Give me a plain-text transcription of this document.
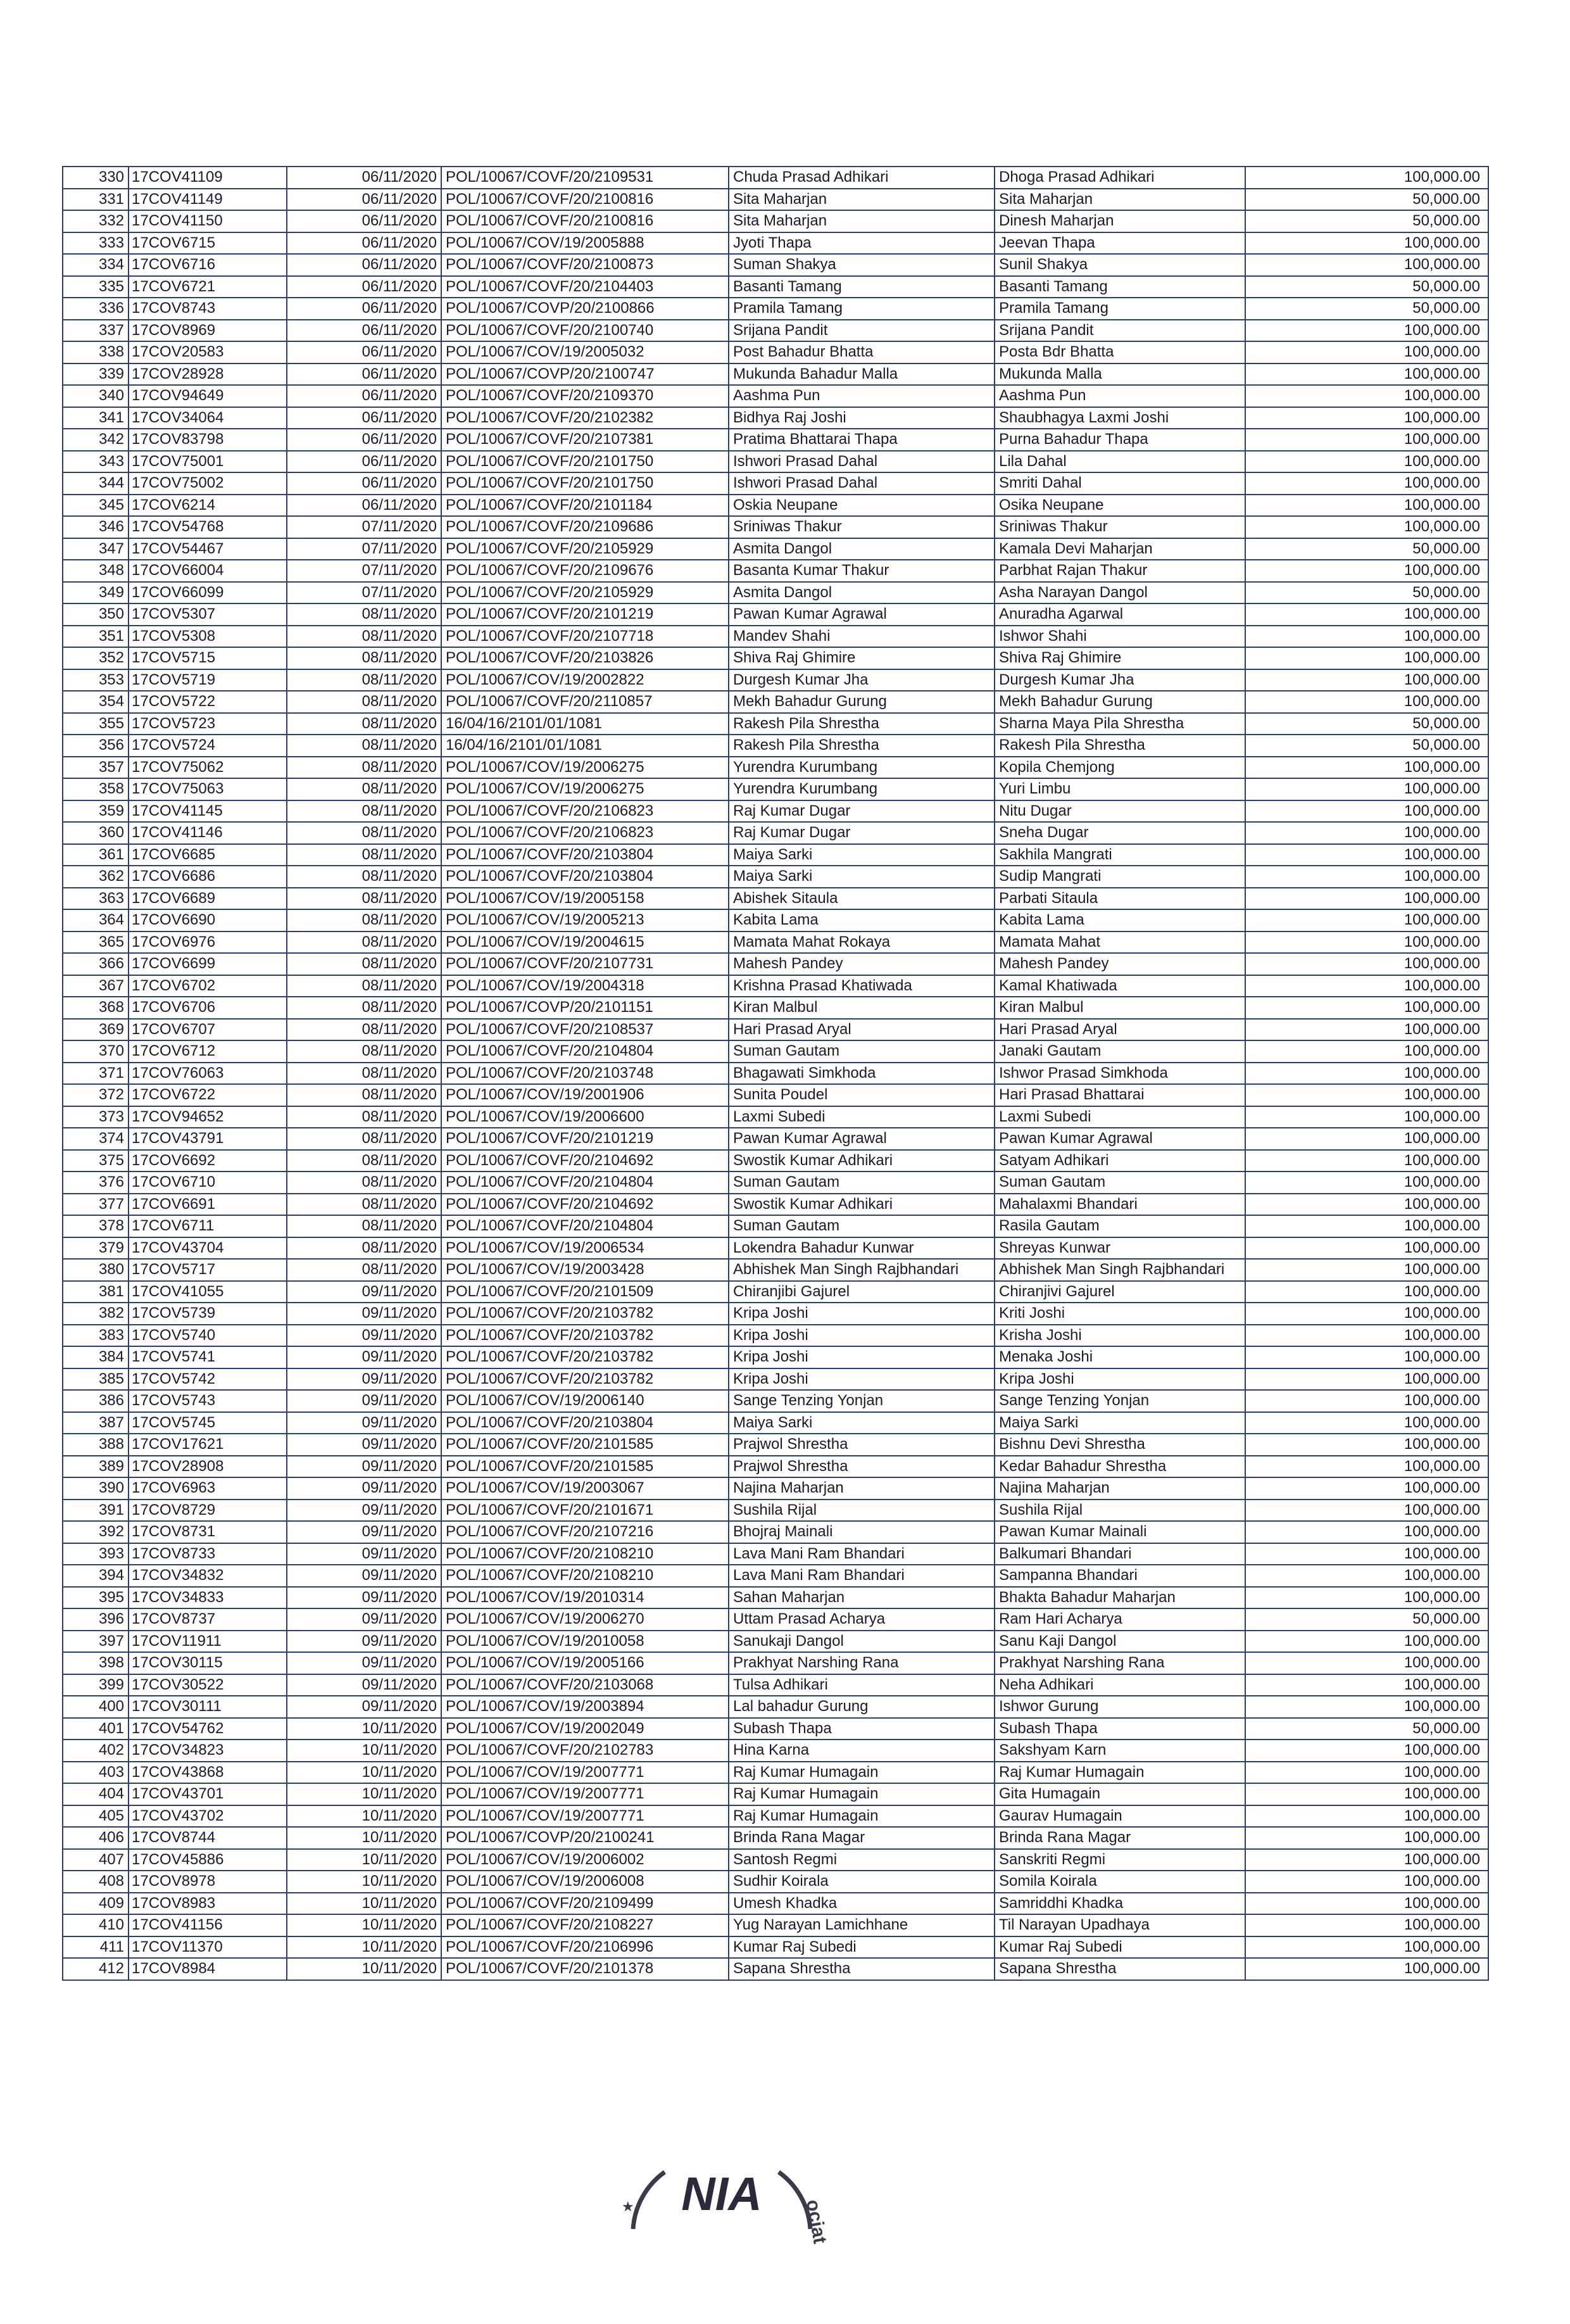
330	17COV41109	06/11/2020	POL/10067/COVF/20/2109531	Chuda Prasad Adhikari	Dhoga Prasad Adhikari	100,000.00
331	17COV41149	06/11/2020	POL/10067/COVF/20/2100816	Sita Maharjan	Sita Maharjan	50,000.00
332	17COV41150	06/11/2020	POL/10067/COVF/20/2100816	Sita Maharjan	Dinesh Maharjan	50,000.00
333	17COV6715	06/11/2020	POL/10067/COV/19/2005888	Jyoti Thapa	Jeevan Thapa	100,000.00
334	17COV6716	06/11/2020	POL/10067/COVF/20/2100873	Suman Shakya	Sunil Shakya	100,000.00
335	17COV6721	06/11/2020	POL/10067/COVF/20/2104403	Basanti Tamang	Basanti Tamang	50,000.00
336	17COV8743	06/11/2020	POL/10067/COVP/20/2100866	Pramila Tamang	Pramila Tamang	50,000.00
337	17COV8969	06/11/2020	POL/10067/COVF/20/2100740	Srijana Pandit	Srijana Pandit	100,000.00
338	17COV20583	06/11/2020	POL/10067/COV/19/2005032	Post Bahadur Bhatta	Posta Bdr Bhatta	100,000.00
339	17COV28928	06/11/2020	POL/10067/COVP/20/2100747	Mukunda Bahadur Malla	Mukunda Malla	100,000.00
340	17COV94649	06/11/2020	POL/10067/COVF/20/2109370	Aashma Pun	Aashma Pun	100,000.00
341	17COV34064	06/11/2020	POL/10067/COVF/20/2102382	Bidhya Raj Joshi	Shaubhagya Laxmi Joshi	100,000.00
342	17COV83798	06/11/2020	POL/10067/COVF/20/2107381	Pratima Bhattarai Thapa	Purna Bahadur Thapa	100,000.00
343	17COV75001	06/11/2020	POL/10067/COVF/20/2101750	Ishwori Prasad Dahal	Lila Dahal	100,000.00
344	17COV75002	06/11/2020	POL/10067/COVF/20/2101750	Ishwori Prasad Dahal	Smriti Dahal	100,000.00
345	17COV6214	06/11/2020	POL/10067/COVF/20/2101184	Oskia Neupane	Osika Neupane	100,000.00
346	17COV54768	07/11/2020	POL/10067/COVF/20/2109686	Sriniwas Thakur	Sriniwas Thakur	100,000.00
347	17COV54467	07/11/2020	POL/10067/COVF/20/2105929	Asmita Dangol	Kamala Devi Maharjan	50,000.00
348	17COV66004	07/11/2020	POL/10067/COVF/20/2109676	Basanta Kumar Thakur	Parbhat Rajan Thakur	100,000.00
349	17COV66099	07/11/2020	POL/10067/COVF/20/2105929	Asmita Dangol	Asha Narayan Dangol	50,000.00
350	17COV5307	08/11/2020	POL/10067/COVF/20/2101219	Pawan Kumar Agrawal	Anuradha Agarwal	100,000.00
351	17COV5308	08/11/2020	POL/10067/COVF/20/2107718	Mandev Shahi	Ishwor Shahi	100,000.00
352	17COV5715	08/11/2020	POL/10067/COVF/20/2103826	Shiva Raj Ghimire	Shiva Raj Ghimire	100,000.00
353	17COV5719	08/11/2020	POL/10067/COV/19/2002822	Durgesh Kumar Jha	Durgesh Kumar Jha	100,000.00
354	17COV5722	08/11/2020	POL/10067/COVF/20/2110857	Mekh Bahadur Gurung	Mekh Bahadur Gurung	100,000.00
355	17COV5723	08/11/2020	16/04/16/2101/01/1081	Rakesh Pila Shrestha	Sharna Maya Pila Shrestha	50,000.00
356	17COV5724	08/11/2020	16/04/16/2101/01/1081	Rakesh Pila Shrestha	Rakesh Pila Shrestha	50,000.00
357	17COV75062	08/11/2020	POL/10067/COV/19/2006275	Yurendra Kurumbang	Kopila Chemjong	100,000.00
358	17COV75063	08/11/2020	POL/10067/COV/19/2006275	Yurendra Kurumbang	Yuri Limbu	100,000.00
359	17COV41145	08/11/2020	POL/10067/COVF/20/2106823	Raj Kumar Dugar	Nitu Dugar	100,000.00
360	17COV41146	08/11/2020	POL/10067/COVF/20/2106823	Raj Kumar Dugar	Sneha Dugar	100,000.00
361	17COV6685	08/11/2020	POL/10067/COVF/20/2103804	Maiya Sarki	Sakhila Mangrati	100,000.00
362	17COV6686	08/11/2020	POL/10067/COVF/20/2103804	Maiya Sarki	Sudip Mangrati	100,000.00
363	17COV6689	08/11/2020	POL/10067/COV/19/2005158	Abishek Sitaula	Parbati Sitaula	100,000.00
364	17COV6690	08/11/2020	POL/10067/COV/19/2005213	Kabita Lama	Kabita Lama	100,000.00
365	17COV6976	08/11/2020	POL/10067/COV/19/2004615	Mamata Mahat Rokaya	Mamata Mahat	100,000.00
366	17COV6699	08/11/2020	POL/10067/COVF/20/2107731	Mahesh Pandey	Mahesh Pandey	100,000.00
367	17COV6702	08/11/2020	POL/10067/COV/19/2004318	Krishna Prasad Khatiwada	Kamal Khatiwada	100,000.00
368	17COV6706	08/11/2020	POL/10067/COVP/20/2101151	Kiran Malbul	Kiran Malbul	100,000.00
369	17COV6707	08/11/2020	POL/10067/COVF/20/2108537	Hari Prasad Aryal	Hari Prasad Aryal	100,000.00
370	17COV6712	08/11/2020	POL/10067/COVF/20/2104804	Suman Gautam	Janaki Gautam	100,000.00
371	17COV76063	08/11/2020	POL/10067/COVF/20/2103748	Bhagawati Simkhoda	Ishwor Prasad Simkhoda	100,000.00
372	17COV6722	08/11/2020	POL/10067/COV/19/2001906	Sunita Poudel	Hari Prasad Bhattarai	100,000.00
373	17COV94652	08/11/2020	POL/10067/COV/19/2006600	Laxmi Subedi	Laxmi Subedi	100,000.00
374	17COV43791	08/11/2020	POL/10067/COVF/20/2101219	Pawan Kumar Agrawal	Pawan Kumar Agrawal	100,000.00
375	17COV6692	08/11/2020	POL/10067/COVF/20/2104692	Swostik Kumar Adhikari	Satyam Adhikari	100,000.00
376	17COV6710	08/11/2020	POL/10067/COVF/20/2104804	Suman Gautam	Suman Gautam	100,000.00
377	17COV6691	08/11/2020	POL/10067/COVF/20/2104692	Swostik Kumar Adhikari	Mahalaxmi Bhandari	100,000.00
378	17COV6711	08/11/2020	POL/10067/COVF/20/2104804	Suman Gautam	Rasila Gautam	100,000.00
379	17COV43704	08/11/2020	POL/10067/COV/19/2006534	Lokendra Bahadur Kunwar	Shreyas Kunwar	100,000.00
380	17COV5717	08/11/2020	POL/10067/COV/19/2003428	Abhishek Man Singh Rajbhandari	Abhishek Man Singh Rajbhandari	100,000.00
381	17COV41055	09/11/2020	POL/10067/COVF/20/2101509	Chiranjibi Gajurel	Chiranjivi Gajurel	100,000.00
382	17COV5739	09/11/2020	POL/10067/COVF/20/2103782	Kripa Joshi	Kriti Joshi	100,000.00
383	17COV5740	09/11/2020	POL/10067/COVF/20/2103782	Kripa Joshi	Krisha Joshi	100,000.00
384	17COV5741	09/11/2020	POL/10067/COVF/20/2103782	Kripa Joshi	Menaka Joshi	100,000.00
385	17COV5742	09/11/2020	POL/10067/COVF/20/2103782	Kripa Joshi	Kripa Joshi	100,000.00
386	17COV5743	09/11/2020	POL/10067/COV/19/2006140	Sange Tenzing Yonjan	Sange Tenzing Yonjan	100,000.00
387	17COV5745	09/11/2020	POL/10067/COVF/20/2103804	Maiya Sarki	Maiya Sarki	100,000.00
388	17COV17621	09/11/2020	POL/10067/COVF/20/2101585	Prajwol Shrestha	Bishnu Devi Shrestha	100,000.00
389	17COV28908	09/11/2020	POL/10067/COVF/20/2101585	Prajwol Shrestha	Kedar Bahadur Shrestha	100,000.00
390	17COV6963	09/11/2020	POL/10067/COV/19/2003067	Najina Maharjan	Najina Maharjan	100,000.00
391	17COV8729	09/11/2020	POL/10067/COVF/20/2101671	Sushila Rijal	Sushila Rijal	100,000.00
392	17COV8731	09/11/2020	POL/10067/COVF/20/2107216	Bhojraj Mainali	Pawan Kumar Mainali	100,000.00
393	17COV8733	09/11/2020	POL/10067/COVF/20/2108210	Lava Mani Ram Bhandari	Balkumari Bhandari	100,000.00
394	17COV34832	09/11/2020	POL/10067/COVF/20/2108210	Lava Mani Ram Bhandari	Sampanna Bhandari	100,000.00
395	17COV34833	09/11/2020	POL/10067/COV/19/2010314	Sahan Maharjan	Bhakta Bahadur Maharjan	100,000.00
396	17COV8737	09/11/2020	POL/10067/COV/19/2006270	Uttam Prasad Acharya	Ram Hari Acharya	50,000.00
397	17COV11911	09/11/2020	POL/10067/COV/19/2010058	Sanukaji Dangol	Sanu Kaji Dangol	100,000.00
398	17COV30115	09/11/2020	POL/10067/COV/19/2005166	Prakhyat Narshing Rana	Prakhyat Narshing Rana	100,000.00
399	17COV30522	09/11/2020	POL/10067/COVF/20/2103068	Tulsa Adhikari	Neha Adhikari	100,000.00
400	17COV30111	09/11/2020	POL/10067/COV/19/2003894	Lal bahadur Gurung	Ishwor Gurung	100,000.00
401	17COV54762	10/11/2020	POL/10067/COV/19/2002049	Subash Thapa	Subash Thapa	50,000.00
402	17COV34823	10/11/2020	POL/10067/COVF/20/2102783	Hina Karna	Sakshyam Karn	100,000.00
403	17COV43868	10/11/2020	POL/10067/COV/19/2007771	Raj Kumar Humagain	Raj Kumar Humagain	100,000.00
404	17COV43701	10/11/2020	POL/10067/COV/19/2007771	Raj Kumar Humagain	Gita Humagain	100,000.00
405	17COV43702	10/11/2020	POL/10067/COV/19/2007771	Raj Kumar Humagain	Gaurav Humagain	100,000.00
406	17COV8744	10/11/2020	POL/10067/COVP/20/2100241	Brinda Rana Magar	Brinda Rana Magar	100,000.00
407	17COV45886	10/11/2020	POL/10067/COV/19/2006002	Santosh Regmi	Sanskriti Regmi	100,000.00
408	17COV8978	10/11/2020	POL/10067/COV/19/2006008	Sudhir Koirala	Somila Koirala	100,000.00
409	17COV8983	10/11/2020	POL/10067/COVF/20/2109499	Umesh Khadka	Samriddhi Khadka	100,000.00
410	17COV41156	10/11/2020	POL/10067/COVF/20/2108227	Yug Narayan Lamichhane	Til Narayan Upadhaya	100,000.00
411	17COV11370	10/11/2020	POL/10067/COVF/20/2106996	Kumar Raj Subedi	Kumar Raj Subedi	100,000.00
412	17COV8984	10/11/2020	POL/10067/COVF/20/2101378	Sapana Shrestha	Sapana Shrestha	100,000.00
NIA
ociat
★
